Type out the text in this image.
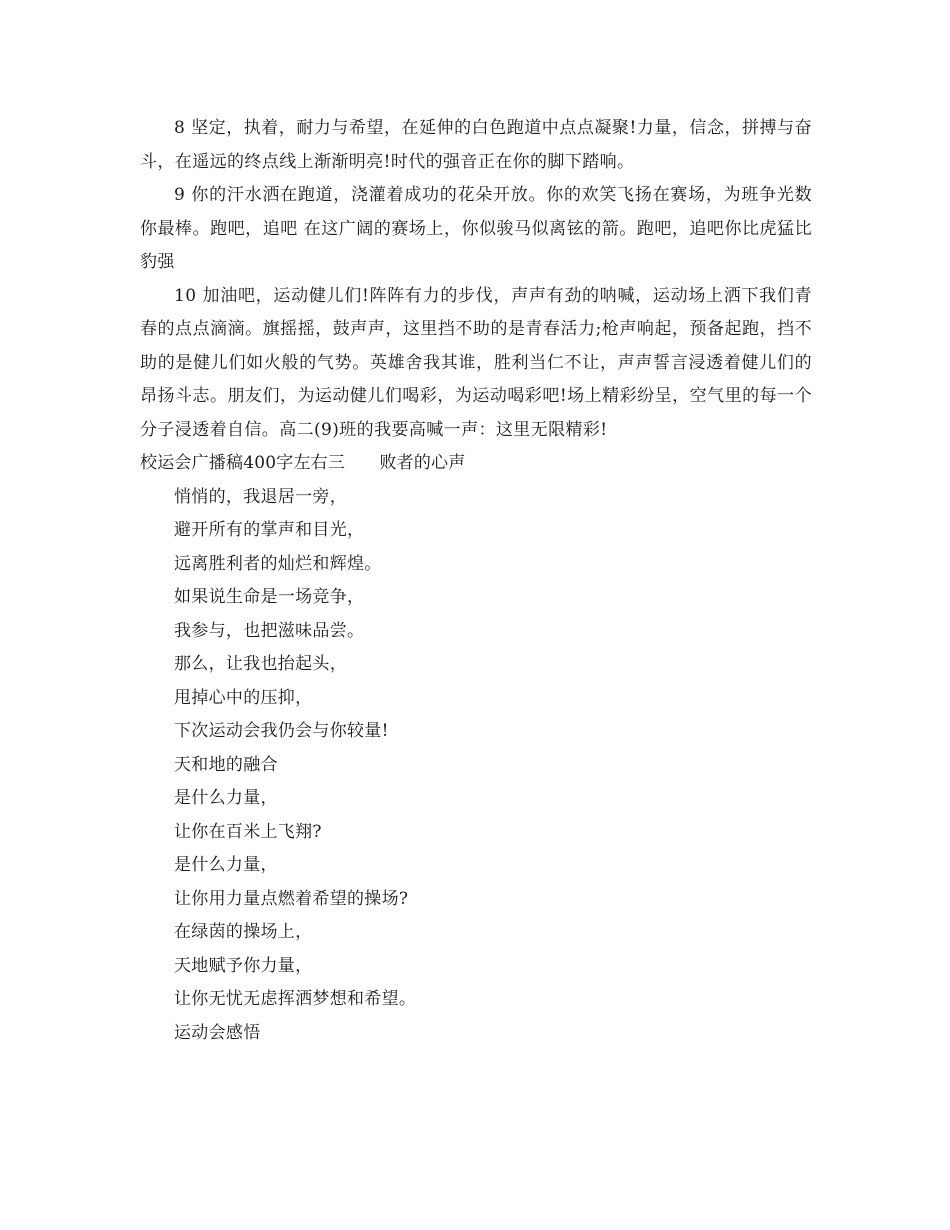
8 坚定，执着，耐力与希望，在延伸的白色跑道中点点凝聚!力量，信念，拼搏与奋斗，在遥远的终点线上渐渐明亮!时代的强音正在你的脚下踏响。

9 你的汗水洒在跑道，浇灌着成功的花朵开放。你的欢笑飞扬在赛场，为班争光数你最棒。跑吧，追吧 在这广阔的赛场上，你似骏马似离铉的箭。跑吧，追吧你比虎猛比豹强

10 加油吧，运动健儿们!阵阵有力的步伐，声声有劲的呐喊，运动场上洒下我们青春的点点滴滴。旗摇摇，鼓声声，这里挡不助的是青春活力;枪声响起，预备起跑，挡不助的是健儿们如火般的气势。英雄舍我其谁，胜利当仁不让，声声誓言浸透着健儿们的昂扬斗志。朋友们，为运动健儿们喝彩，为运动喝彩吧!场上精彩纷呈，空气里的每一个分子浸透着自信。高二(9)班的我要高喊一声：这里无限精彩!

校运会广播稿400字左右三　　败者的心声

悄悄的，我退居一旁，
避开所有的掌声和目光，
远离胜利者的灿烂和辉煌。
如果说生命是一场竞争，
我参与，也把滋味品尝。
那么，让我也抬起头，
甩掉心中的压抑，
下次运动会我仍会与你较量!
天和地的融合
是什么力量，
让你在百米上飞翔?
是什么力量，
让你用力量点燃着希望的操场?
在绿茵的操场上，
天地赋予你力量，
让你无忧无虑挥洒梦想和希望。
运动会感悟
